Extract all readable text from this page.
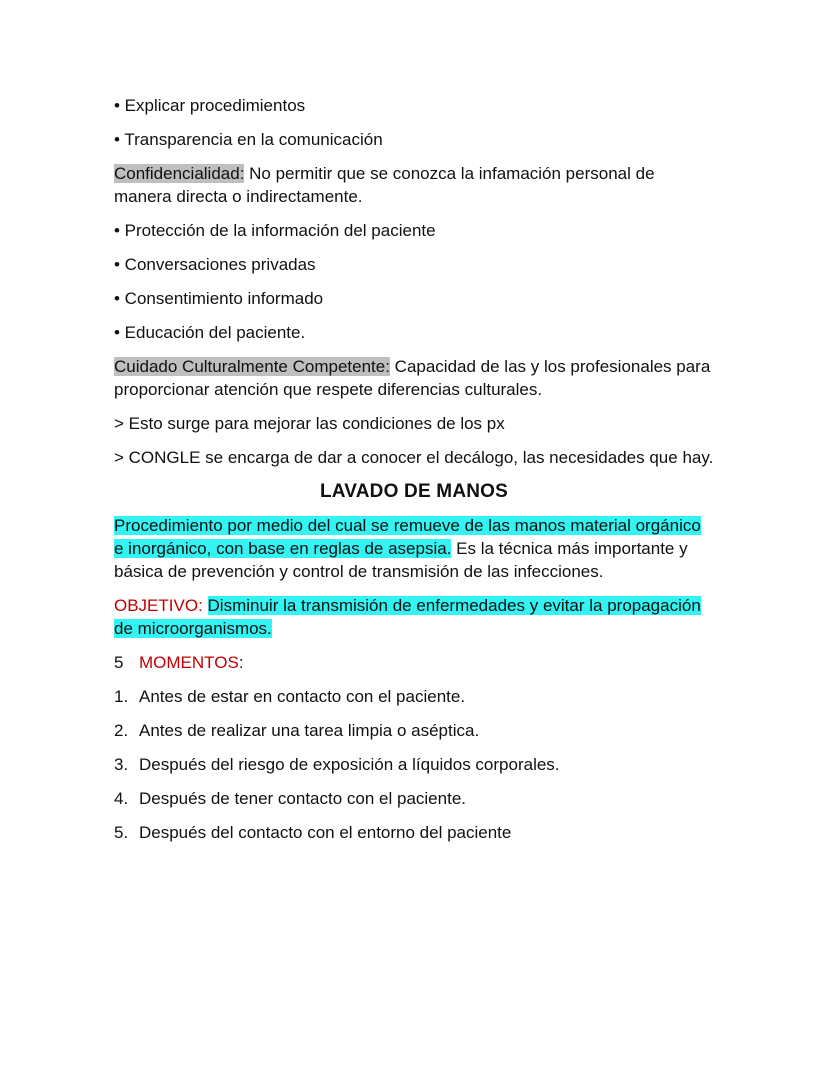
• Explicar procedimientos

• Transparencia en la comunicación

Confidencialidad: No permitir que se conozca la infamación personal de manera directa o indirectamente.

• Protección de la información del paciente

• Conversaciones privadas

• Consentimiento informado

• Educación del paciente.

Cuidado Culturalmente Competente: Capacidad de las y los profesionales para proporcionar atención que respete diferencias culturales.

> Esto surge para mejorar las condiciones de los px

> CONGLE se encarga de dar a conocer el decálogo, las necesidades que hay.

LAVADO DE MANOS

Procedimiento por medio del cual se remueve de las manos material orgánico e inorgánico, con base en reglas de asepsia. Es la técnica más importante y básica de prevención y control de transmisión de las infecciones.

OBJETIVO: Disminuir la transmisión de enfermedades y evitar la propagación de microorganismos.

5 MOMENTOS:

1. Antes de estar en contacto con el paciente.
2. Antes de realizar una tarea limpia o aséptica.
3. Después del riesgo de exposición a líquidos corporales.
4. Después de tener contacto con el paciente.
5. Después del contacto con el entorno del paciente
